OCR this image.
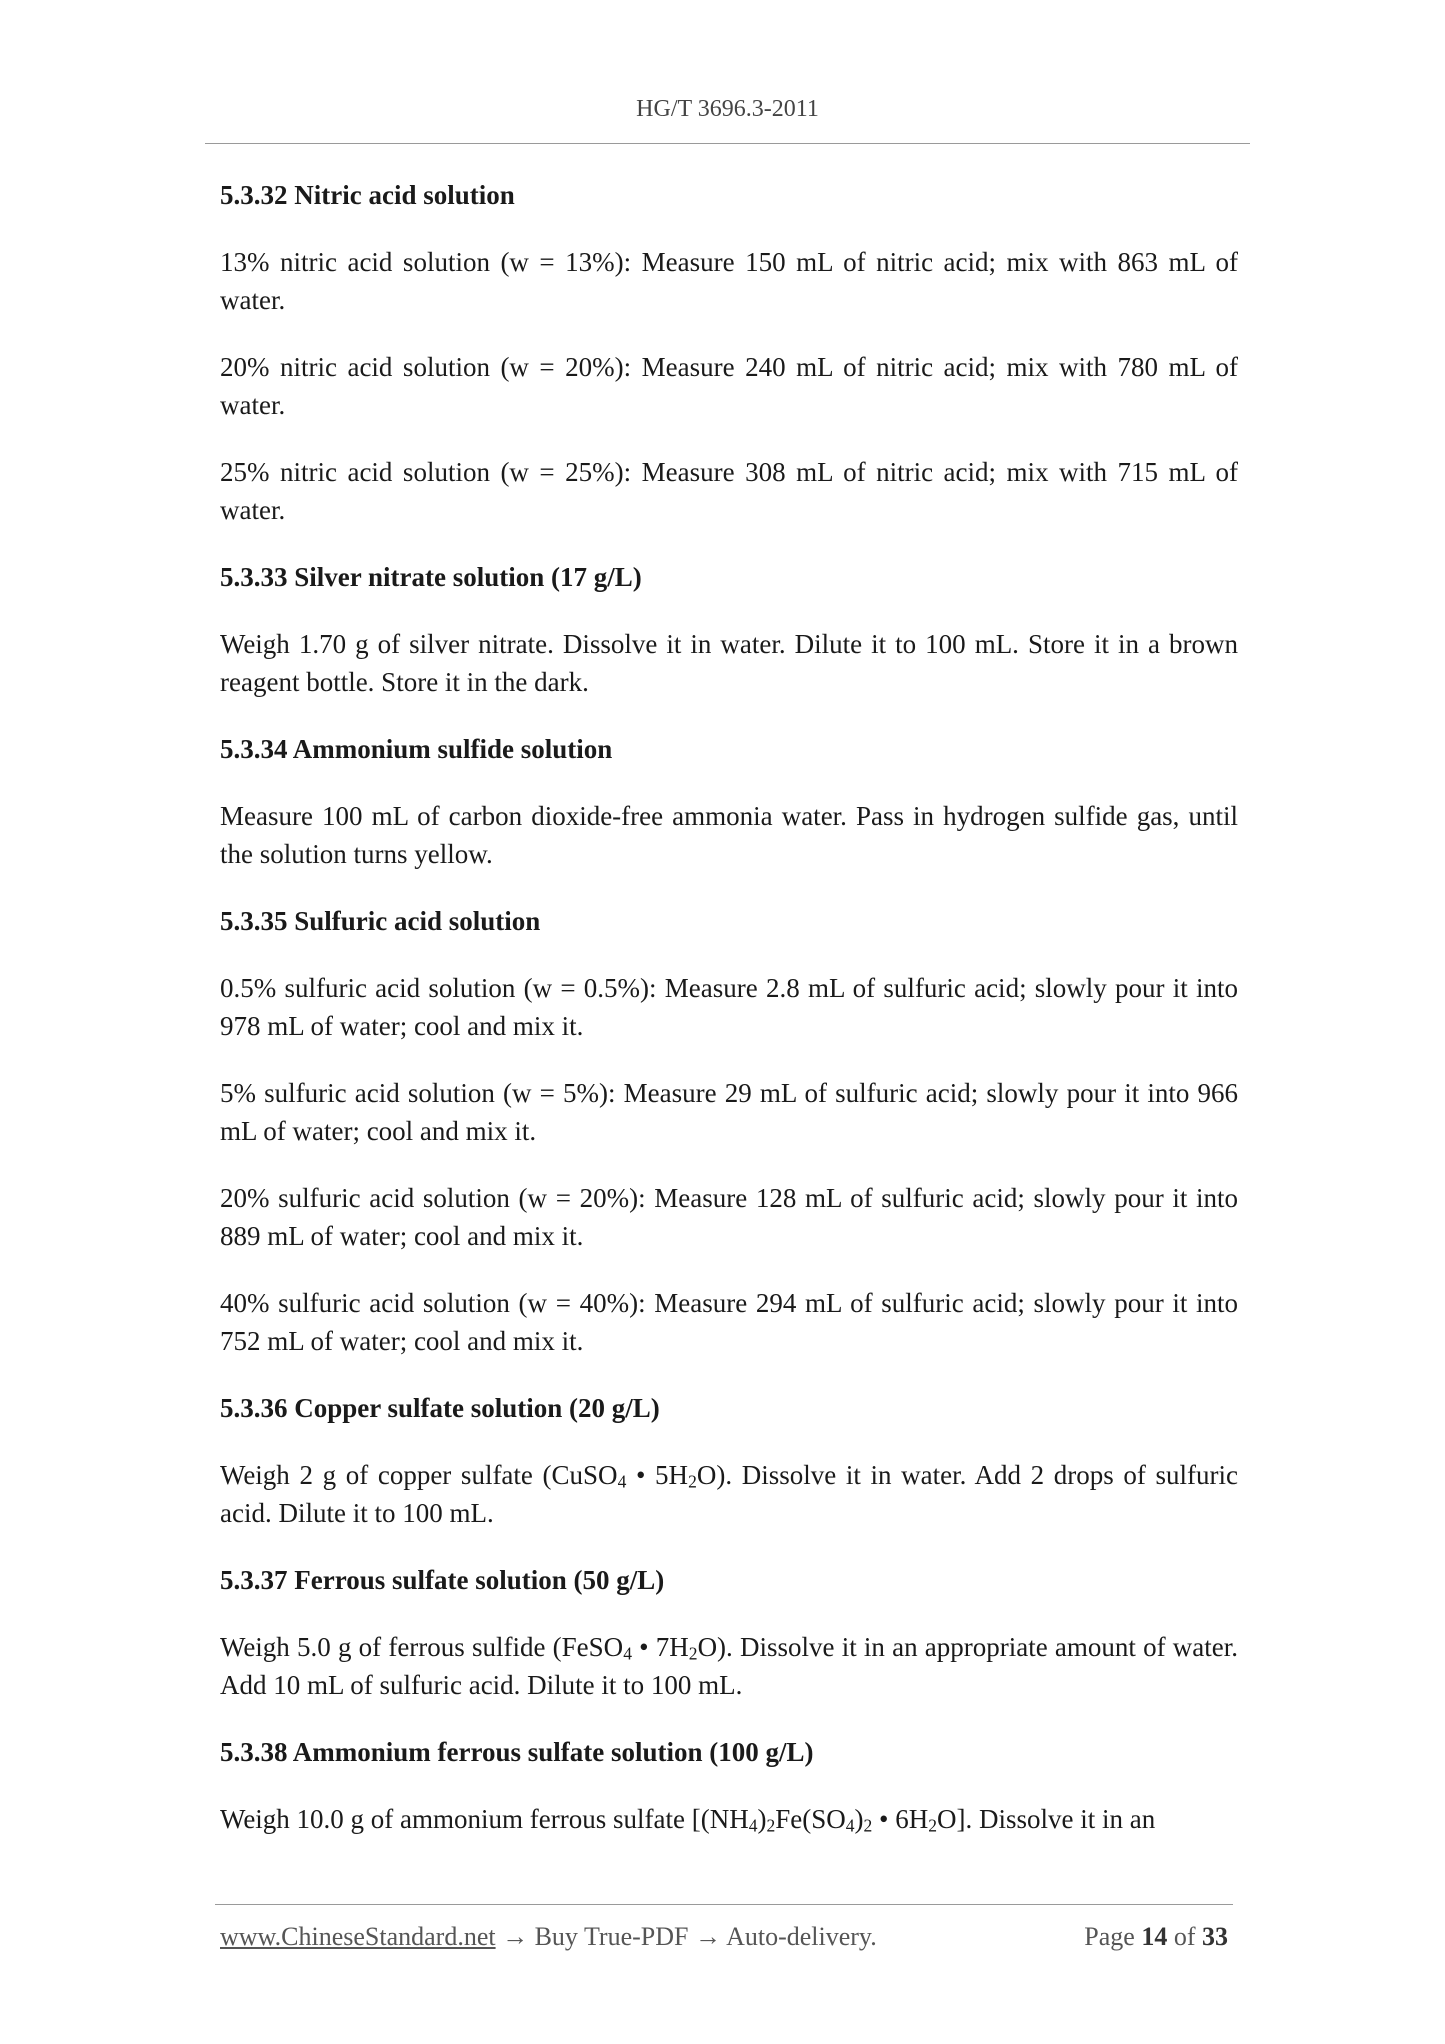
HG/T 3696.3-2011
5.3.32 Nitric acid solution
13% nitric acid solution (w = 13%): Measure 150 mL of nitric acid; mix with 863 mL of water.
20% nitric acid solution (w = 20%): Measure 240 mL of nitric acid; mix with 780 mL of water.
25% nitric acid solution (w = 25%): Measure 308 mL of nitric acid; mix with 715 mL of water.
5.3.33 Silver nitrate solution (17 g/L)
Weigh 1.70 g of silver nitrate. Dissolve it in water. Dilute it to 100 mL. Store it in a brown reagent bottle. Store it in the dark.
5.3.34 Ammonium sulfide solution
Measure 100 mL of carbon dioxide-free ammonia water. Pass in hydrogen sulfide gas, until the solution turns yellow.
5.3.35 Sulfuric acid solution
0.5% sulfuric acid solution (w = 0.5%): Measure 2.8 mL of sulfuric acid; slowly pour it into 978 mL of water; cool and mix it.
5% sulfuric acid solution (w = 5%): Measure 29 mL of sulfuric acid; slowly pour it into 966 mL of water; cool and mix it.
20% sulfuric acid solution (w = 20%): Measure 128 mL of sulfuric acid; slowly pour it into 889 mL of water; cool and mix it.
40% sulfuric acid solution (w = 40%): Measure 294 mL of sulfuric acid; slowly pour it into 752 mL of water; cool and mix it.
5.3.36 Copper sulfate solution (20 g/L)
Weigh 2 g of copper sulfate (CuSO$_4$ • $5H_2O$). Dissolve it in water. Add 2 drops of sulfuric acid. Dilute it to 100 mL.
5.3.37 Ferrous sulfate solution (50 g/L)
Weigh 5.0 g of ferrous sulfide (FeSO$_4$ • $7H_2O$). Dissolve it in an appropriate amount of water. Add 10 mL of sulfuric acid. Dilute it to 100 mL.
5.3.38 Ammonium ferrous sulfate solution (100 g/L)
Weigh 10.0 g of ammonium ferrous sulfate [$(NH_4)_2Fe(SO_4)_2$ • $6H_2O$]. Dissolve it in an
www.ChineseStandard.net → Buy True-PDF → Auto-delivery.	Page 14 of 33
